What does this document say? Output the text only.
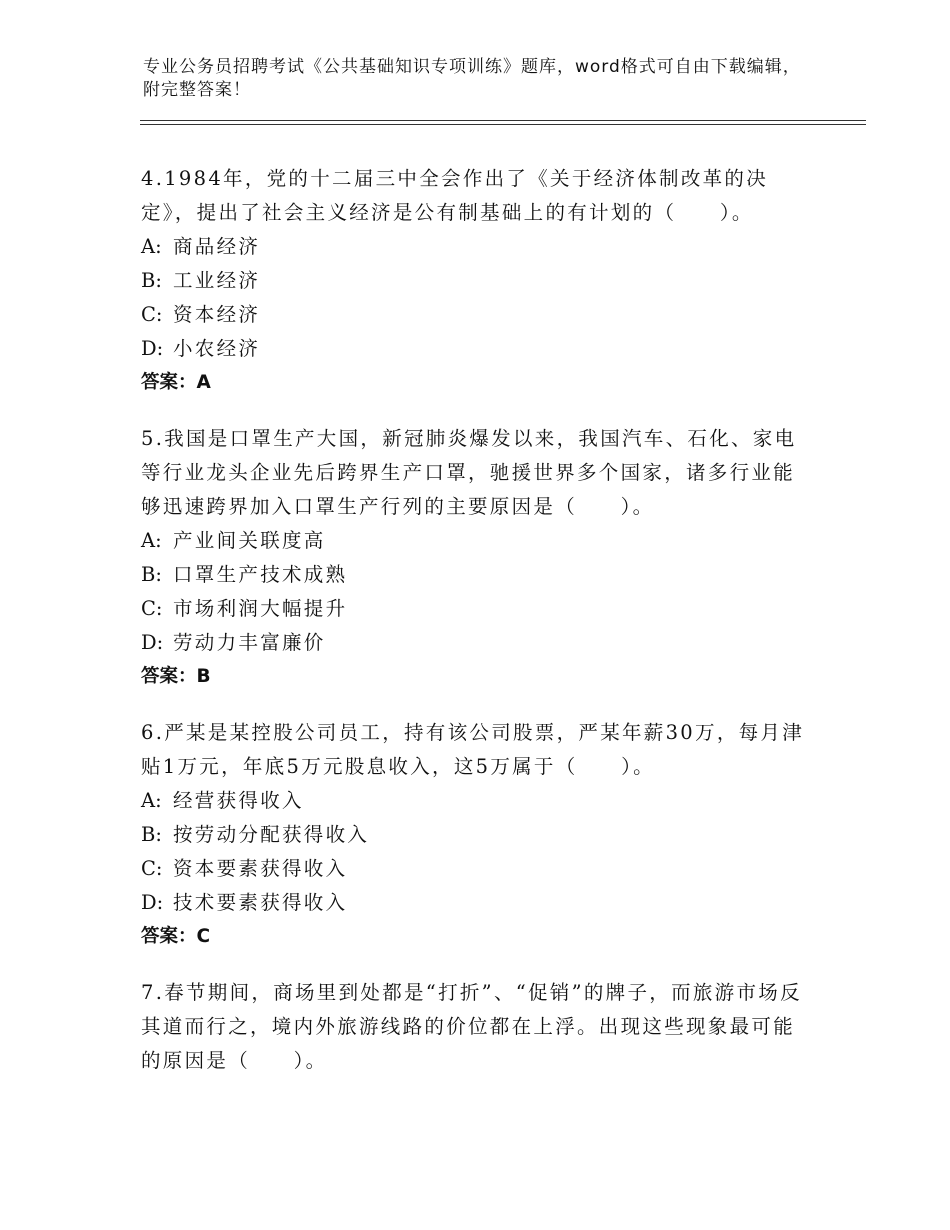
专业公务员招聘考试《公共基础知识专项训练》题库，word格式可自由下载编辑，附完整答案！
4.1984年，党的十二届三中全会作出了《关于经济体制改革的决定》，提出了社会主义经济是公有制基础上的有计划的（　　）。
A: 商品经济
B: 工业经济
C: 资本经济
D: 小农经济
答案：A
5.我国是口罩生产大国，新冠肺炎爆发以来，我国汽车、石化、家电等行业龙头企业先后跨界生产口罩，驰援世界多个国家，诸多行业能够迅速跨界加入口罩生产行列的主要原因是（　　）。
A: 产业间关联度高
B: 口罩生产技术成熟
C: 市场利润大幅提升
D: 劳动力丰富廉价
答案：B
6.严某是某控股公司员工，持有该公司股票，严某年薪30万，每月津贴1万元，年底5万元股息收入，这5万属于（　　）。
A: 经营获得收入
B: 按劳动分配获得收入
C: 资本要素获得收入
D: 技术要素获得收入
答案：C
7.春节期间，商场里到处都是“打折”、“促销”的牌子，而旅游市场反其道而行之，境内外旅游线路的价位都在上浮。出现这些现象最可能的原因是（　　）。
